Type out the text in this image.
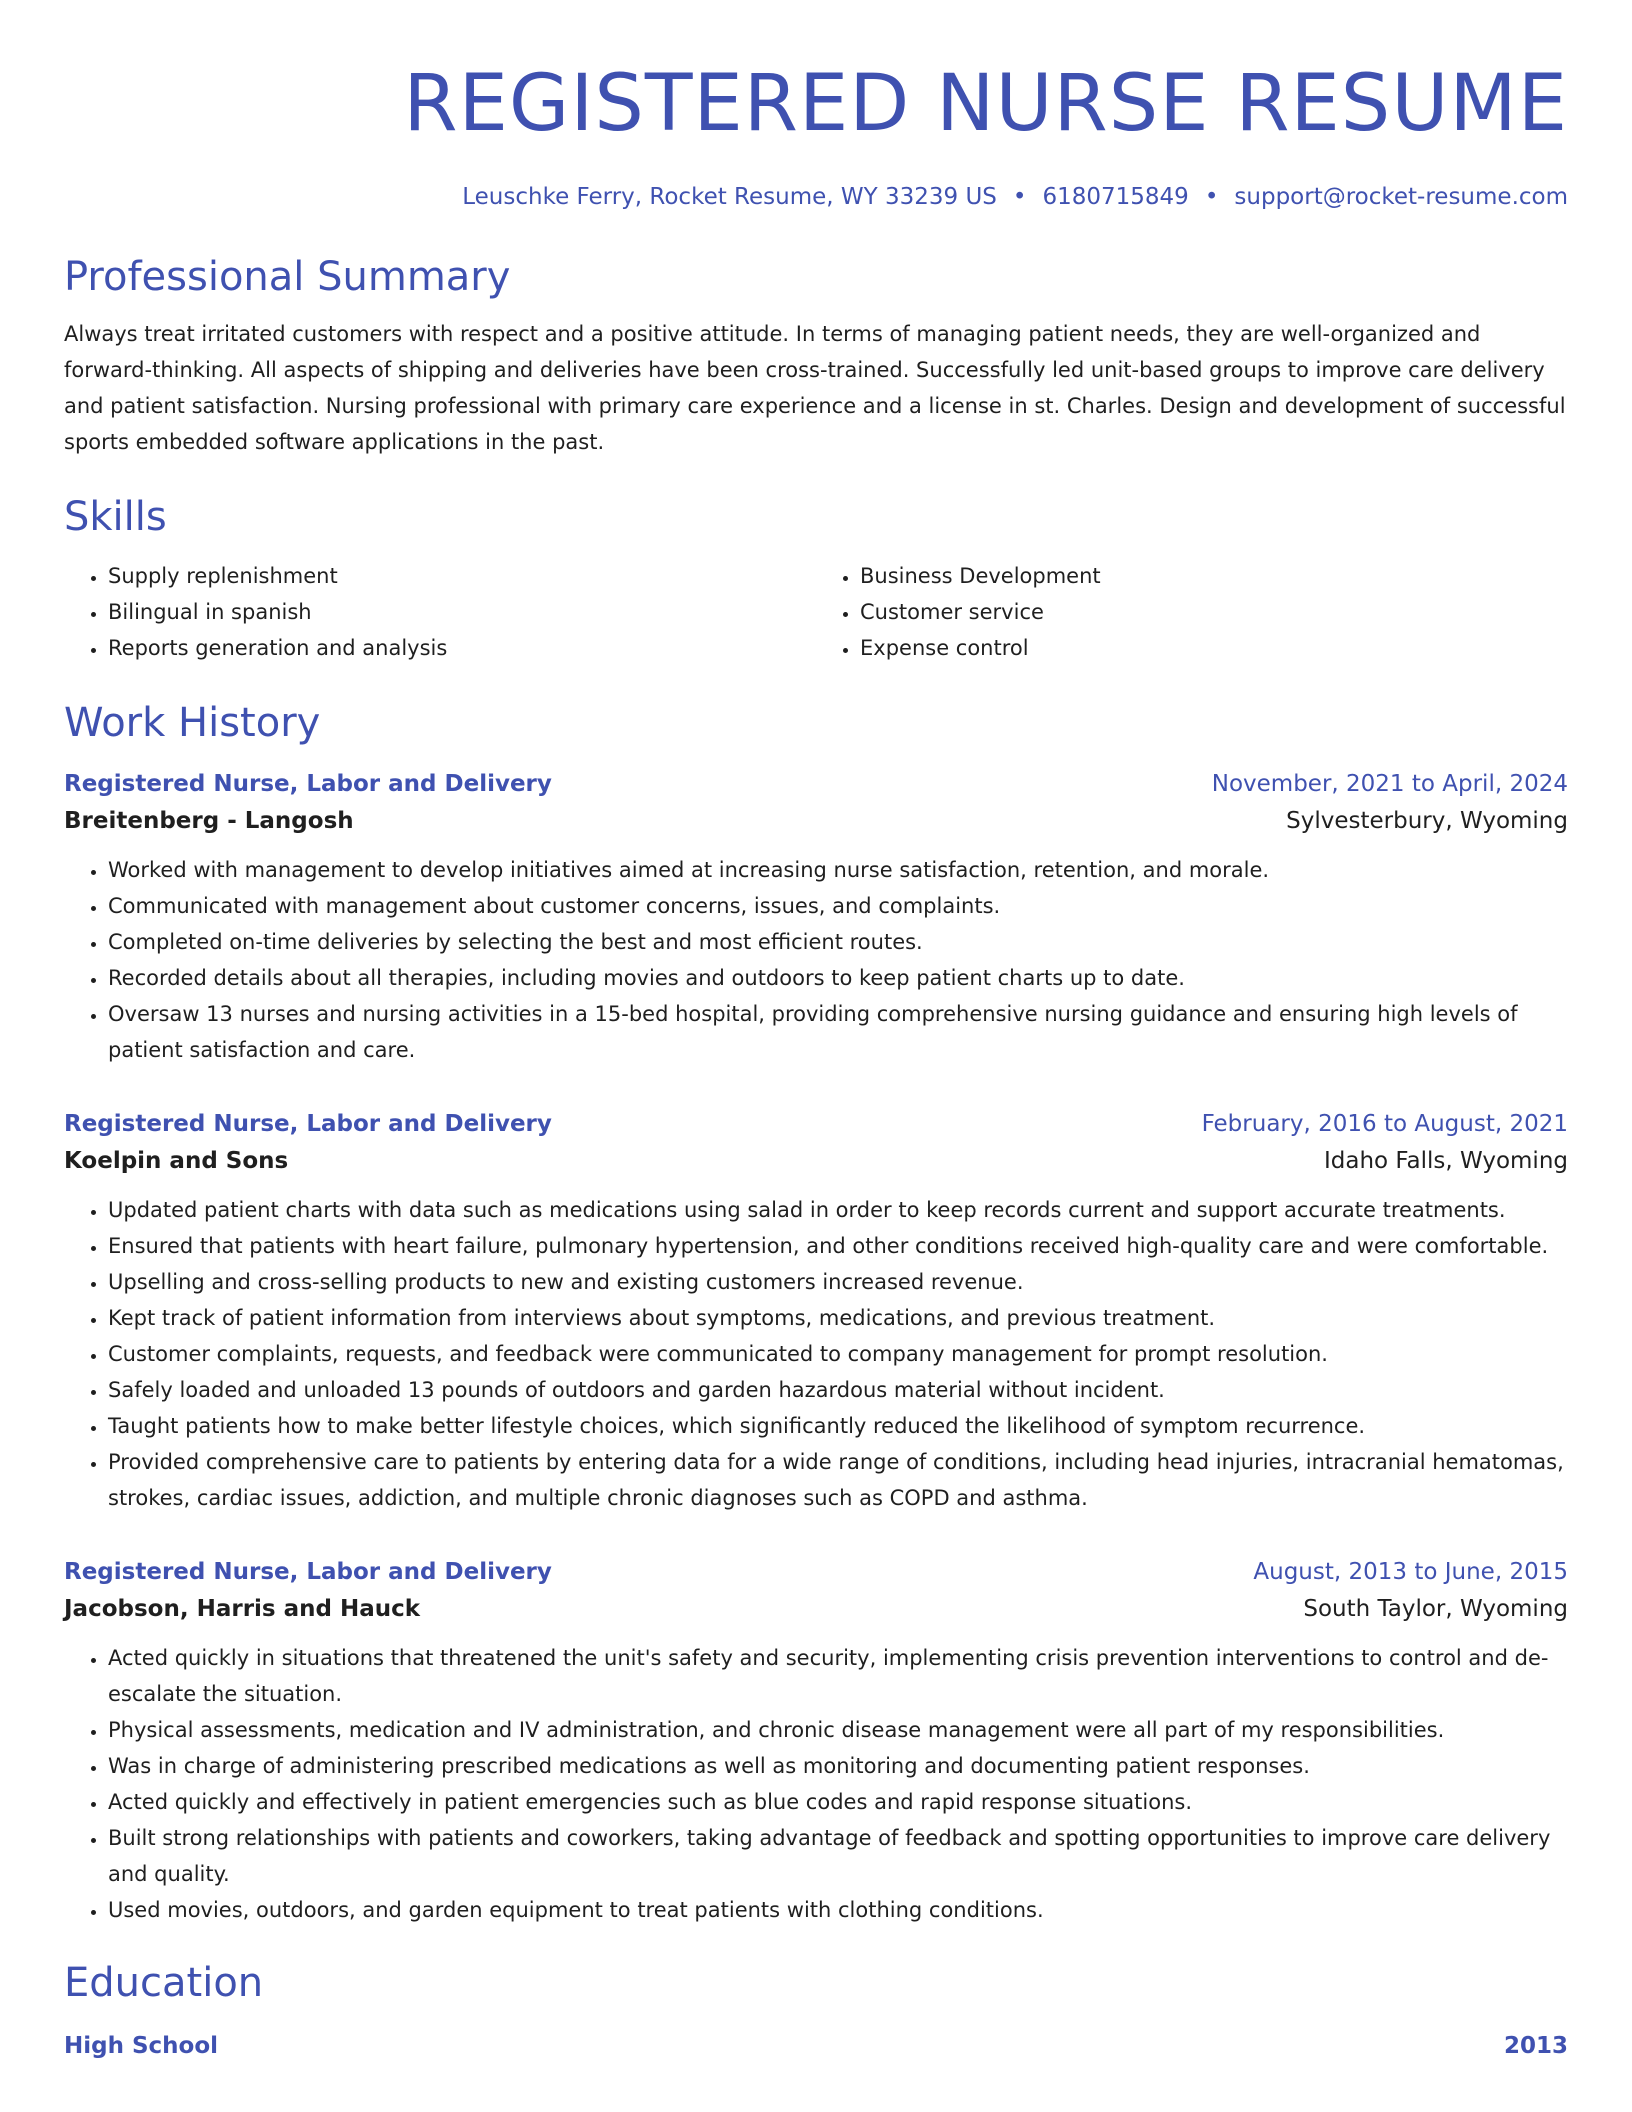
REGISTERED NURSE RESUME
Leuschke Ferry, Rocket Resume, WY 33239 US • 6180715849 • support@rocket-resume.com
Professional Summary

Always treat irritated customers with respect and a positive attitude. In terms of managing patient needs, they are well-organized and forward-thinking. All aspects of shipping and deliveries have been cross-trained. Successfully led unit-based groups to improve care delivery and patient satisfaction. Nursing professional with primary care experience and a license in st. Charles. Design and development of successful sports embedded software applications in the past.

Skills
• Supply replenishment
• Bilingual in spanish
• Reports generation and analysis
• Business Development
• Customer service
• Expense control
Work History
Registered Nurse, Labor and Delivery	November, 2021 to April, 2024
Breitenberg - Langosh	Sylvesterbury, Wyoming
• Worked with management to develop initiatives aimed at increasing nurse satisfaction, retention, and morale.
• Communicated with management about customer concerns, issues, and complaints.
• Completed on-time deliveries by selecting the best and most efficient routes.
• Recorded details about all therapies, including movies and outdoors to keep patient charts up to date.
• Oversaw 13 nurses and nursing activities in a 15-bed hospital, providing comprehensive nursing guidance and ensuring high levels of patient satisfaction and care.
Registered Nurse, Labor and Delivery	February, 2016 to August, 2021
Koelpin and Sons	Idaho Falls, Wyoming
• Updated patient charts with data such as medications using salad in order to keep records current and support accurate treatments.
• Ensured that patients with heart failure, pulmonary hypertension, and other conditions received high-quality care and were comfortable.
• Upselling and cross-selling products to new and existing customers increased revenue.
• Kept track of patient information from interviews about symptoms, medications, and previous treatment.
• Customer complaints, requests, and feedback were communicated to company management for prompt resolution.
• Safely loaded and unloaded 13 pounds of outdoors and garden hazardous material without incident.
• Taught patients how to make better lifestyle choices, which significantly reduced the likelihood of symptom recurrence.
• Provided comprehensive care to patients by entering data for a wide range of conditions, including head injuries, intracranial hematomas, strokes, cardiac issues, addiction, and multiple chronic diagnoses such as COPD and asthma.
Registered Nurse, Labor and Delivery	August, 2013 to June, 2015
Jacobson, Harris and Hauck	South Taylor, Wyoming
• Acted quickly in situations that threatened the unit's safety and security, implementing crisis prevention interventions to control and de-escalate the situation.
• Physical assessments, medication and IV administration, and chronic disease management were all part of my responsibilities.
• Was in charge of administering prescribed medications as well as monitoring and documenting patient responses.
• Acted quickly and effectively in patient emergencies such as blue codes and rapid response situations.
• Built strong relationships with patients and coworkers, taking advantage of feedback and spotting opportunities to improve care delivery and quality.
• Used movies, outdoors, and garden equipment to treat patients with clothing conditions.
Education
High School	2013
